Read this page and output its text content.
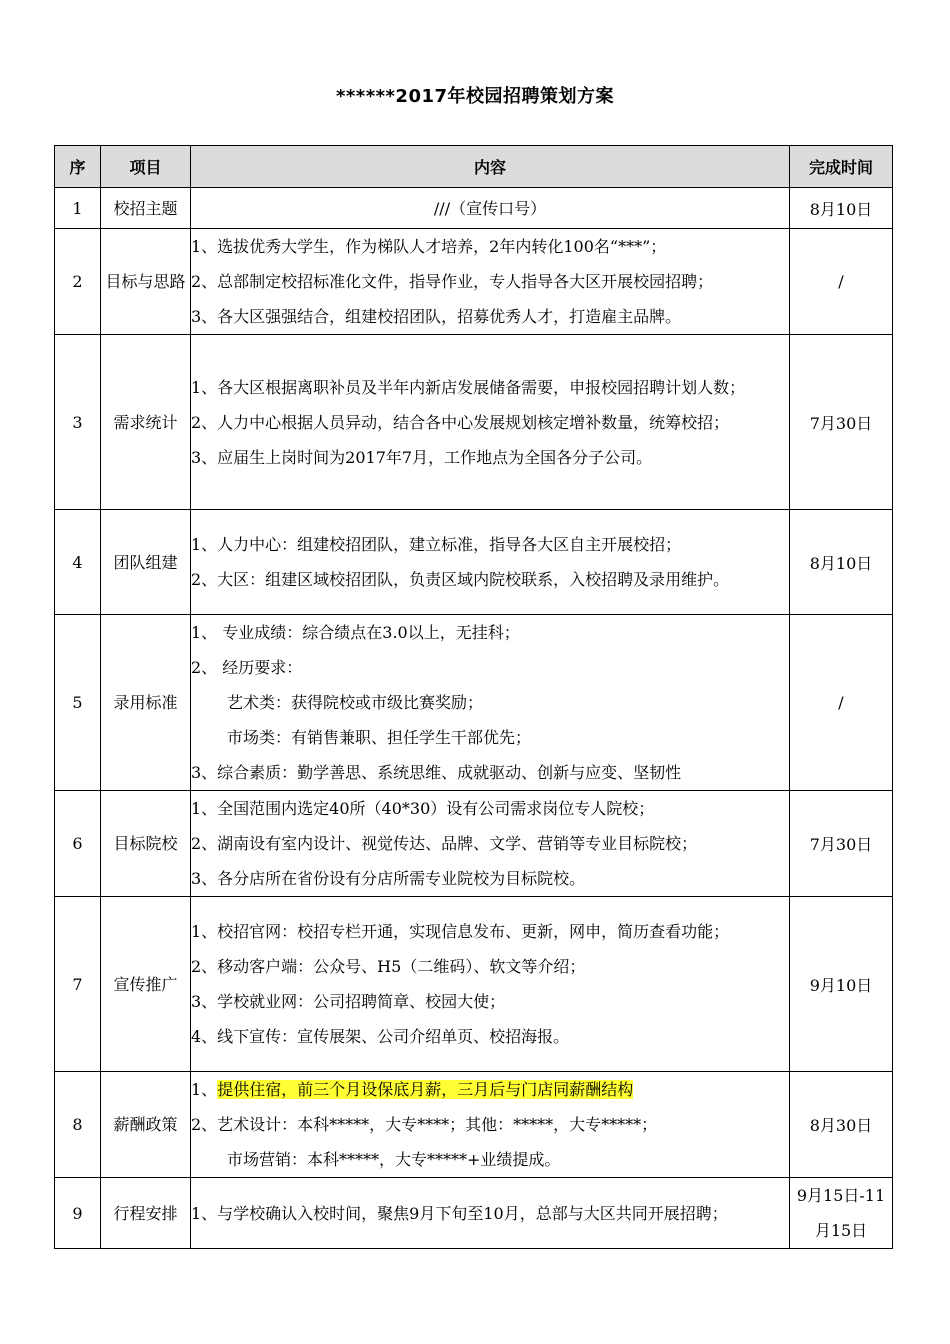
******2017年校园招聘策划方案
序	项目	内容	完成时间
1	校招主题	///（宣传口号）	8月10日
2	目标与思路	1、选拔优秀大学生，作为梯队人才培养，2年内转化100名“***”；
2、总部制定校招标准化文件，指导作业，专人指导各大区开展校园招聘；
3、各大区强强结合，组建校招团队，招募优秀人才，打造雇主品牌。	/
3	需求统计	1、各大区根据离职补员及半年内新店发展储备需要，申报校园招聘计划人数；
2、人力中心根据人员异动，结合各中心发展规划核定增补数量，统筹校招；
3、应届生上岗时间为2017年7月，工作地点为全国各分子公司。	7月30日
4	团队组建	1、人力中心：组建校招团队，建立标准，指导各大区自主开展校招；
2、大区：组建区域校招团队，负责区域内院校联系，入校招聘及录用维护。	8月10日
5	录用标准	1、 专业成绩：综合绩点在3.0以上，无挂科；
2、 经历要求：
艺术类：获得院校或市级比赛奖励；
市场类：有销售兼职、担任学生干部优先；
3、综合素质：勤学善思、系统思维、成就驱动、创新与应变、坚韧性	/
6	目标院校	1、全国范围内选定40所（40*30）设有公司需求岗位专人院校；
2、湖南设有室内设计、视觉传达、品牌、文学、营销等专业目标院校；
3、各分店所在省份设有分店所需专业院校为目标院校。	7月30日
7	宣传推广	1、校招官网：校招专栏开通，实现信息发布、更新，网申，简历查看功能；
2、移动客户端：公众号、H5（二维码）、软文等介绍；
3、学校就业网：公司招聘简章、校园大使；
4、线下宣传：宣传展架、公司介绍单页、校招海报。	9月10日
8	薪酬政策	1、提供住宿，前三个月设保底月薪，三月后与门店同薪酬结构
2、艺术设计：本科*****，大专****；其他：*****，大专*****；
市场营销：本科*****，大专*****+业绩提成。	8月30日
9	行程安排	1、与学校确认入校时间，聚焦9月下旬至10月，总部与大区共同开展招聘；	9月15日-11月15日
